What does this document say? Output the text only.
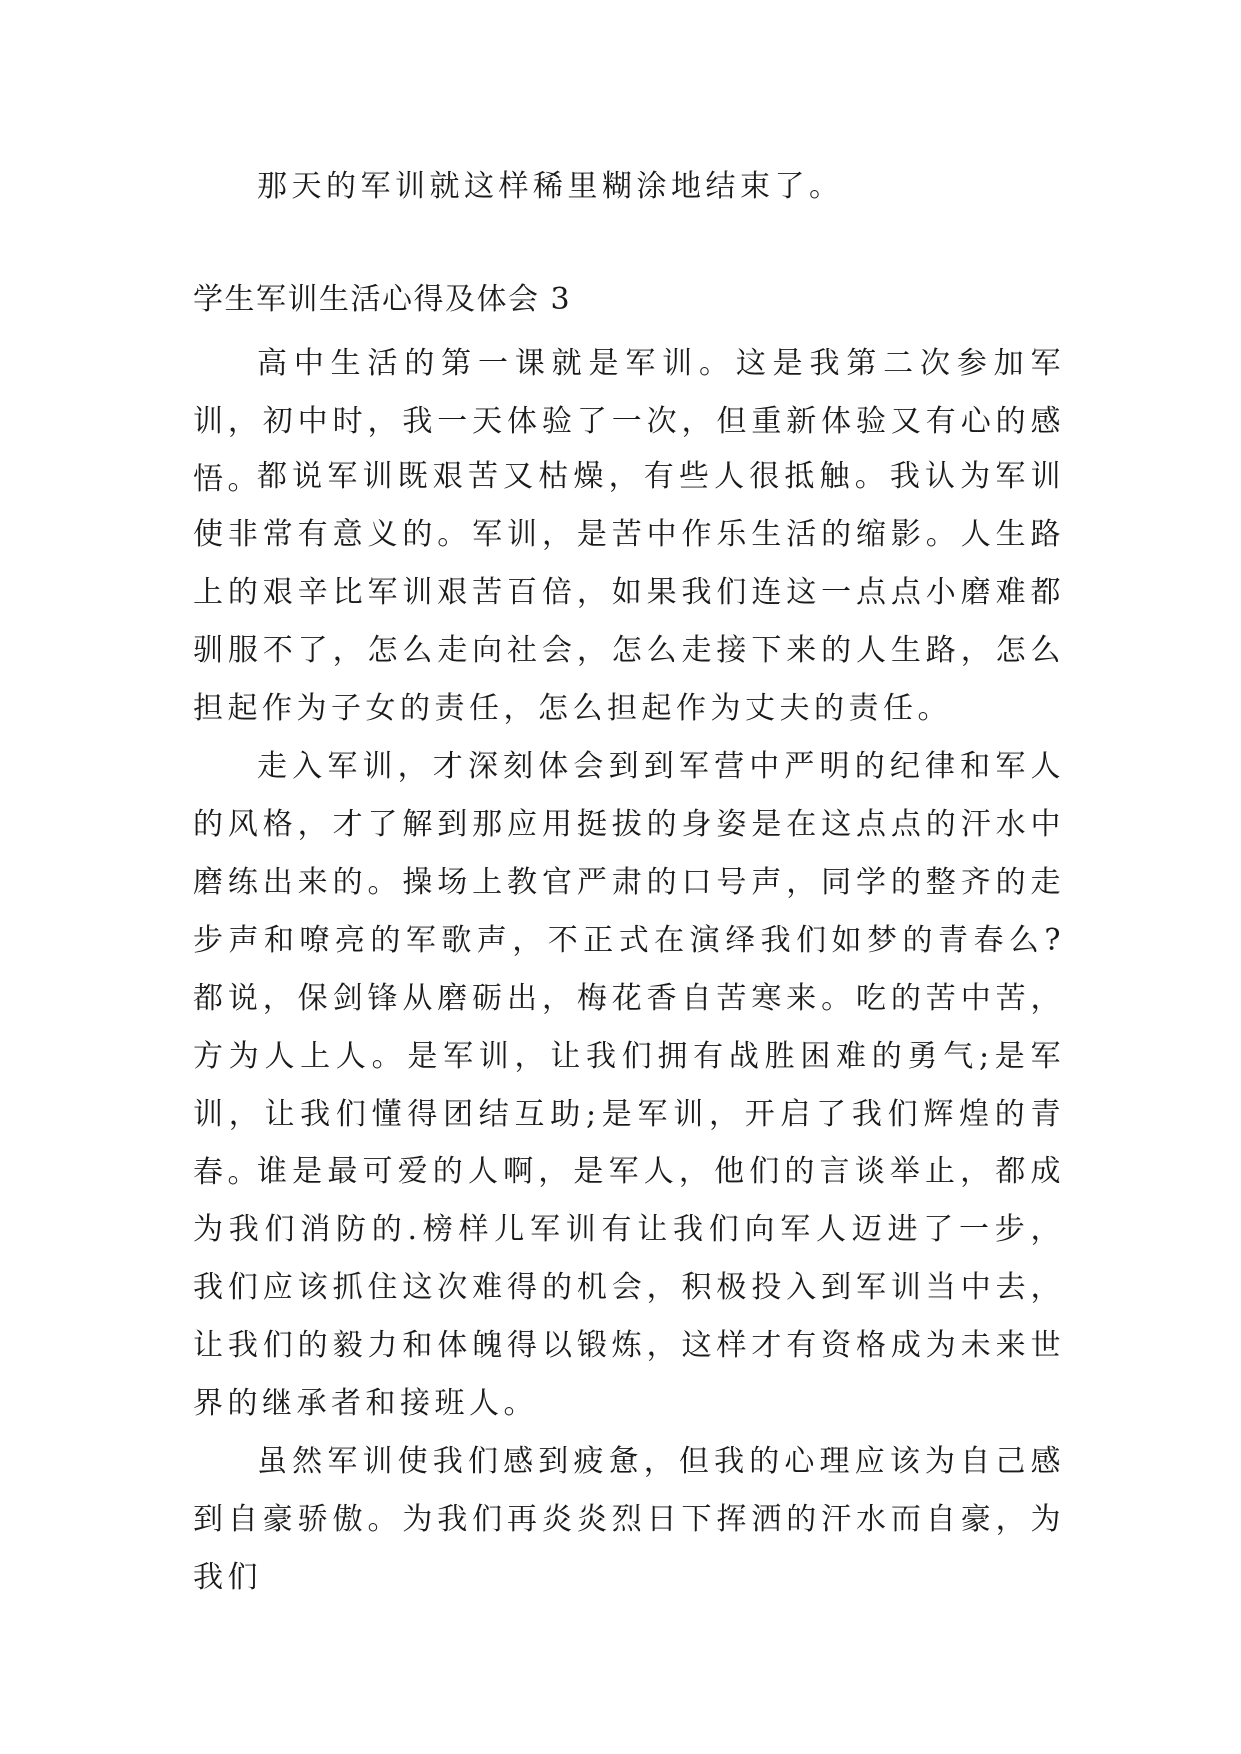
那天的军训就这样稀里糊涂地结束了。

学生军训生活心得及体会 3

高中生活的第一课就是军训。这是我第二次参加军训，初中时，我一天体验了一次，但重新体验又有心的感悟。

都说军训既艰苦又枯燥，有些人很抵触。我认为军训使非常有意义的。军训，是苦中作乐生活的缩影。人生路上的艰辛比军训艰苦百倍，如果我们连这一点点小磨难都驯服不了，怎么走向社会，怎么走接下来的人生路，怎么担起作为子女的责任，怎么担起作为丈夫的责任。

走入军训，才深刻体会到到军营中严明的纪律和军人的风格，才了解到那应用挺拔的身姿是在这点点的汗水中磨练出来的。操场上教官严肃的口号声，同学的整齐的走步声和嘹亮的军歌声，不正式在演绎我们如梦的青春么?都说，保剑锋从磨砺出，梅花香自苦寒来。吃的苦中苦，方为人上人。是军训，让我们拥有战胜困难的勇气;是军训，让我们懂得团结互助;是军训，开启了我们辉煌的青春。

谁是最可爱的人啊，是军人，他们的言谈举止，都成为我们消防的.榜样儿军训有让我们向军人迈进了一步，我们应该抓住这次难得的机会，积极投入到军训当中去，让我们的毅力和体魄得以锻炼，这样才有资格成为未来世界的继承者和接班人。

虽然军训使我们感到疲惫，但我的心理应该为自己感到自豪骄傲。为我们再炎炎烈日下挥洒的汗水而自豪，为我们
